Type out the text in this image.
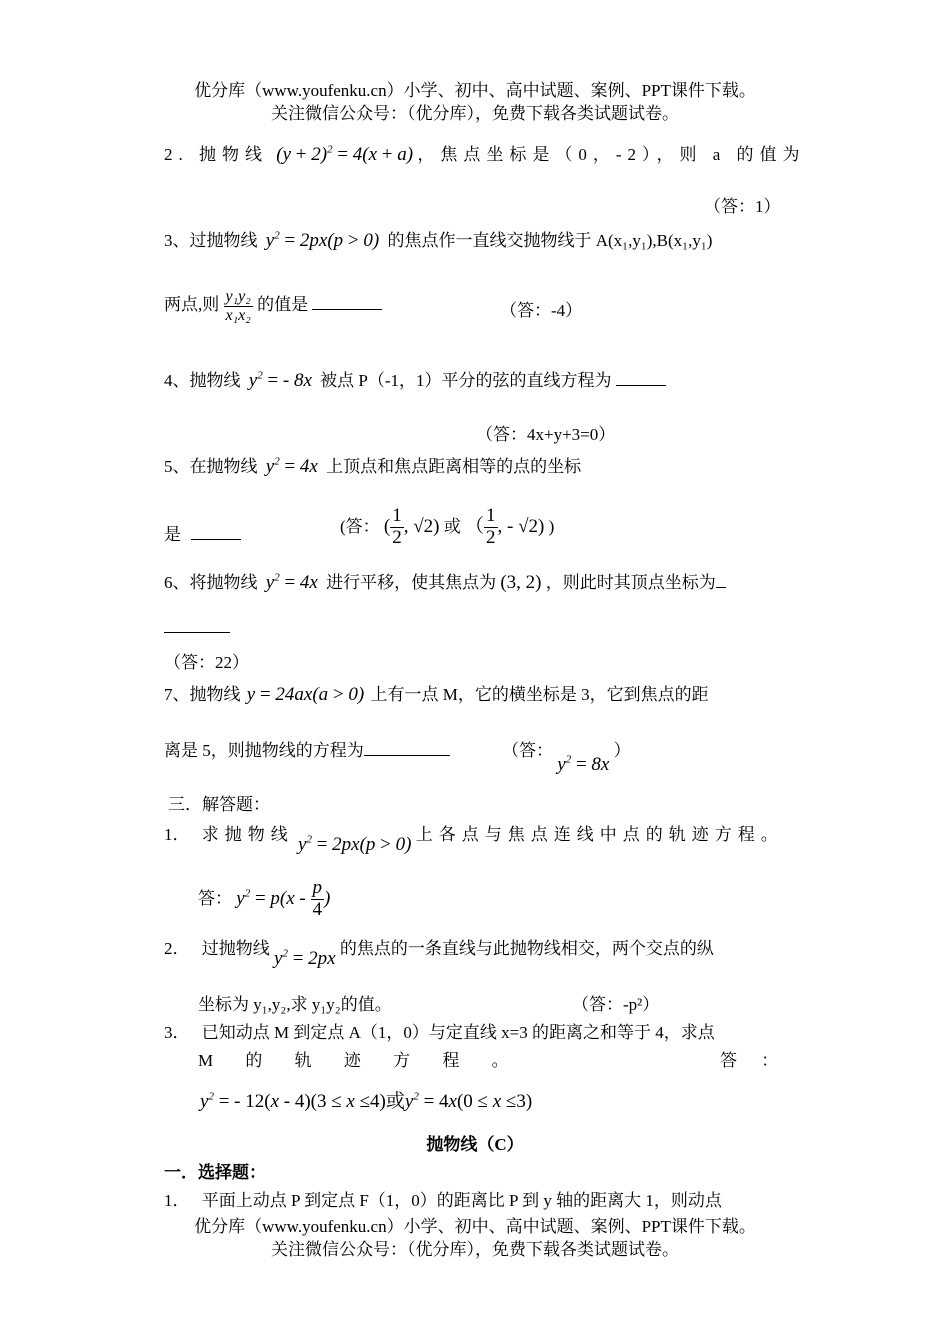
优分库（www.youfenku.cn）小学、初中、高中试题、案例、PPT课件下载。
关注微信公众号：（优分库），免费下载各类试题试卷。
2. 抛物线 $(y + 2)^2 = 4(x + a)$ ，焦点坐标是（0，-2），则 a 的值为
（答：1）
3、过抛物线 $y^2 = 2px(p > 0)$ 的焦点作一直线交抛物线于 A(x₁,y₁),B(x₁,y₁)
两点,则 $\frac{\text{y₁y₂}}{\text{x₁x₂}}$ 的值是	（答：-4）
4、抛物线 $y^2$ = - 8x 被点 P（-1，1）平分的弦的直线方程为
（答：4x+y+3=0）
5、在抛物线 $y^2 = 4x$ 上顶点和焦点距离相等的点的坐标
是	(答： ( $\frac{1}{2}$ , √2) 或 （ $\frac{1}{2}$ , - √2) )
6、将抛物线 $y^2 = 4x$ 进行平移，使其焦点为 (3, 2) ，则此时其顶点坐标为
（答：22）
7、抛物线 y = 24ax(a > 0) 上有一点 M，它的横坐标是 3，它到焦点的距
离是 5，则抛物线的方程为	（答： $y^2 = 8x$ ）
三．解答题：
1． 求抛物线 $y^2 = 2px(p > 0)$ 上各点与焦点连线中点的轨迹方程。
答： $y^2 = p(x - \frac{p}{4}$ )
2． 过抛物线 $y^2 = 2px$ 的焦点的一条直线与此抛物线相交，两个交点的纵
坐标为 y₁,y₂,求 y₁y₂的值。	（答：-p²）
3． 已知动点 M 到定点 A（1，0）与定直线 x=3 的距离之和等于 4，求点
M 的 轨 迹 方 程 。	答 ：
$y^2$ = - 12(x - 4)(3 ≤ x ≤4)或$y^2 = 4x(0 \le x \le 3)$
抛物线（C）
一．选择题：
1． 平面上动点 P 到定点 F（1，0）的距离比 P 到 y 轴的距离大 1，则动点
优分库（www.youfenku.cn）小学、初中、高中试题、案例、PPT课件下载。
关注微信公众号：（优分库），免费下载各类试题试卷。
